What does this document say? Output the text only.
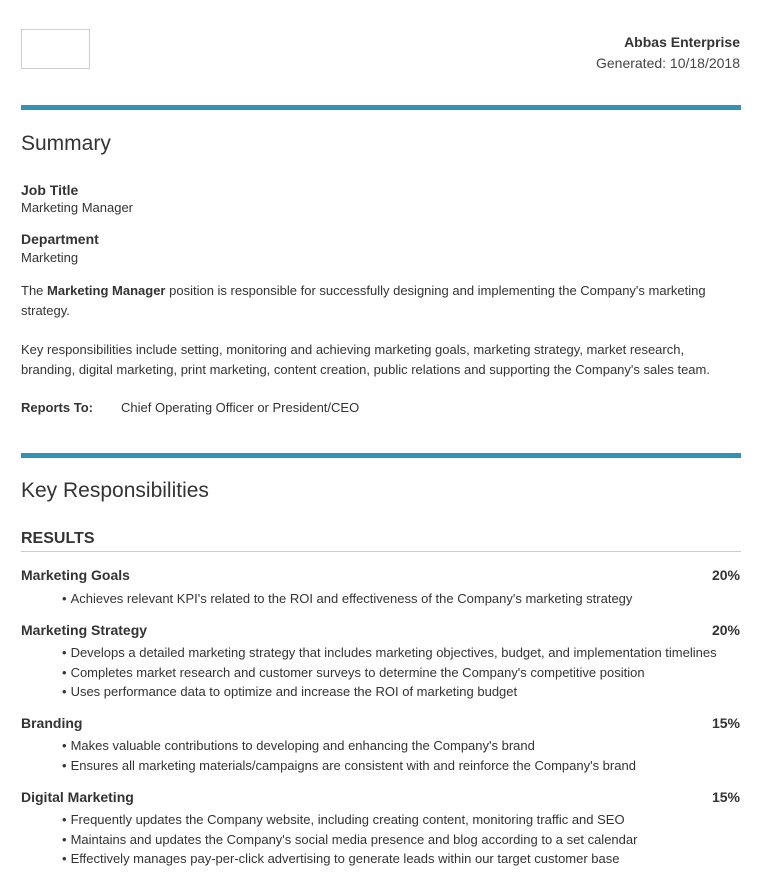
Abbas Enterprise
Generated: 10/18/2018
Summary
Job Title
Marketing Manager
Department
Marketing
The Marketing Manager position is responsible for successfully designing and implementing the Company's marketing strategy.
Key responsibilities include setting, monitoring and achieving marketing goals, marketing strategy, market research, branding, digital marketing, print marketing, content creation, public relations and supporting the Company's sales team.
Reports To: Chief Operating Officer or President/CEO
Key Responsibilities
RESULTS
Marketing Goals	20%
• Achieves relevant KPI's related to the ROI and effectiveness of the Company's marketing strategy
Marketing Strategy	20%
• Develops a detailed marketing strategy that includes marketing objectives, budget, and implementation timelines
• Completes market research and customer surveys to determine the Company's competitive position
• Uses performance data to optimize and increase the ROI of marketing budget
Branding	15%
• Makes valuable contributions to developing and enhancing the Company's brand
• Ensures all marketing materials/campaigns are consistent with and reinforce the Company's brand
Digital Marketing	15%
• Frequently updates the Company website, including creating content, monitoring traffic and SEO
• Maintains and updates the Company's social media presence and blog according to a set calendar
• Effectively manages pay-per-click advertising to generate leads within our target customer base
